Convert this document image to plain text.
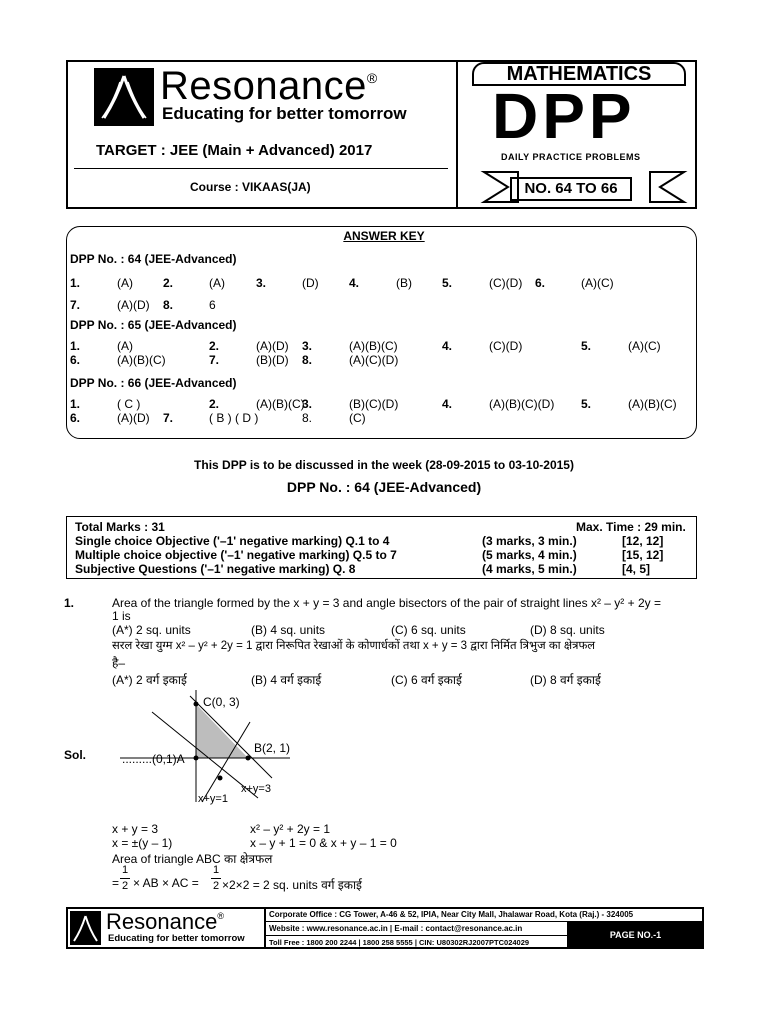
Resonance®
Educating for better tomorrow
TARGET : JEE (Main + Advanced) 2017
Course : VIKAAS(JA)
MATHEMATICS
DPP
DAILY PRACTICE PROBLEMS
NO. 64 TO 66
ANSWER KEY
DPP No. : 64 (JEE-Advanced)
1.	(A)	2.	(A)	3.	(D)	4.	(B)	5.	(C)(D) 6.	(A)(C)
7.	(A)(D) 8.	6
DPP No. : 65 (JEE-Advanced)
1.	(A)	2.	(A)(D) 3.	(A)(B)(C)	4.	(C)(D)	5.	(A)(C)
6.	(A)(B)(C)	7.	(B)(D) 8.	(A)(C)(D)
DPP No. : 66 (JEE-Advanced)
1.	( C )	2.	(A)(B)(C)
3.	(B)(C)(D)	4.	(A)(B)(C)(D) 5.	(A)(B)(C)
6.	(A)(D) 7.	( B ) ( D )	8.	(C)
This DPP is to be discussed in the week (28-09-2015 to 03-10-2015)
DPP No. : 64 (JEE-Advanced)
Total Marks : 31	Max. Time : 29 min.
Single choice Objective ('–1' negative marking) Q.1 to 4	(3 marks, 3 min.)	[12, 12]
Multiple choice objective ('–1' negative marking) Q.5 to 7	(5 marks, 4 min.)	[15, 12]
Subjective Questions ('–1' negative marking) Q. 8	(4 marks, 5 min.)	[4, 5]
1.	Area of the triangle formed by the x + y = 3 and angle bisectors of the pair of straight lines x² – y² + 2y =
1 is
(A*) 2 sq. units	(B) 4 sq. units	(C) 6 sq. units	(D) 8 sq. units
सरल रेखा युग्म x² – y² + 2y = 1 द्वारा निरूपित रेखाओं के कोणार्धकों तथा x + y = 3 द्वारा निर्मित त्रिभुज का क्षेत्रफल
है–
(A*) 2 वर्ग इकाई	(B) 4 वर्ग इकाई	(C) 6 वर्ग इकाई	(D) 8 वर्ग इकाई
Sol.
C(0, 3)
B(2, 1)
.........(0,1)A
x+y=1
x+y=3
x + y = 3	x² – y² + 2y = 1
x = ±(y – 1)	x – y + 1 = 0 & x + y – 1 = 0
Area of triangle ABC का क्षेत्रफल
=
1
2 × AB × AC =
1
2 ×2×2 = 2 sq. units वर्ग इकाई
Resonance®
Educating for better tomorrow
Corporate Office : CG Tower, A-46 & 52, IPIA, Near City Mall, Jhalawar Road, Kota (Raj.) - 324005
Website : www.resonance.ac.in | E-mail : contact@resonance.ac.in
Toll Free : 1800 200 2244 | 1800 258 5555 | CIN: U80302RJ2007PTC024029
PAGE NO.-1
